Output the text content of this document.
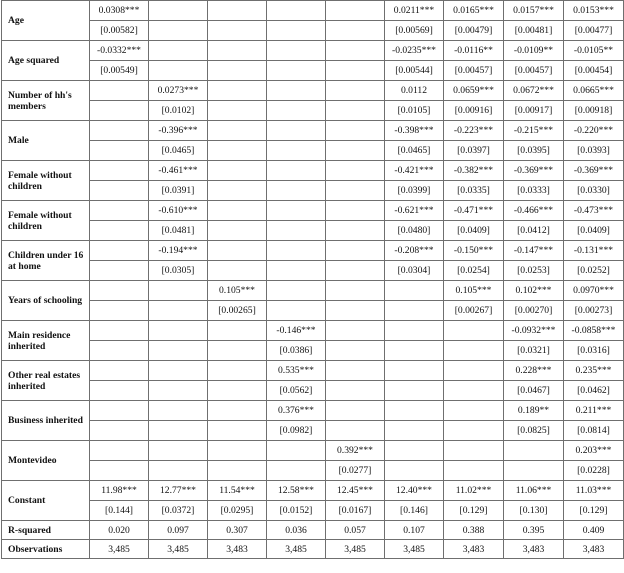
Age	0.0308***					0.0211***	0.0165***	0.0157***	0.0153***
	[0.00582]					[0.00569]	[0.00479]	[0.00481]	[0.00477]
Age squared	-0.0332***					-0.0235***	-0.0116**	-0.0109**	-0.0105**
	[0.00549]					[0.00544]	[0.00457]	[0.00457]	[0.00454]
Number of hh's members		0.0273***				0.0112	0.0659***	0.0672***	0.0665***
		[0.0102]				[0.0105]	[0.00916]	[0.00917]	[0.00918]
Male		-0.396***				-0.398***	-0.223***	-0.215***	-0.220***
		[0.0465]				[0.0465]	[0.0397]	[0.0395]	[0.0393]
Female without children		-0.461***				-0.421***	-0.382***	-0.369***	-0.369***
		[0.0391]				[0.0399]	[0.0335]	[0.0333]	[0.0330]
Female without children		-0.610***				-0.621***	-0.471***	-0.466***	-0.473***
		[0.0481]				[0.0480]	[0.0409]	[0.0412]	[0.0409]
Children under 16 at home		-0.194***				-0.208***	-0.150***	-0.147***	-0.131***
		[0.0305]				[0.0304]	[0.0254]	[0.0253]	[0.0252]
Years of schooling			0.105***				0.105***	0.102***	0.0970***
			[0.00265]				[0.00267]	[0.00270]	[0.00273]
Main residence inherited				-0.146***				-0.0932***	-0.0858***
				[0.0386]				[0.0321]	[0.0316]
Other real estates inherited				0.535***				0.228***	0.235***
				[0.0562]				[0.0467]	[0.0462]
Business inherited				0.376***				0.189**	0.211***
				[0.0982]				[0.0825]	[0.0814]
Montevideo					0.392***				0.203***
					[0.0277]				[0.0228]
Constant	11.98***	12.77***	11.54***	12.58***	12.45***	12.40***	11.02***	11.06***	11.03***
	[0.144]	[0.0372]	[0.0295]	[0.0152]	[0.0167]	[0.146]	[0.129]	[0.130]	[0.129]
R-squared	0.020	0.097	0.307	0.036	0.057	0.107	0.388	0.395	0.409
Observations	3,485	3,485	3,483	3,485	3,485	3,485	3,483	3,483	3,483
